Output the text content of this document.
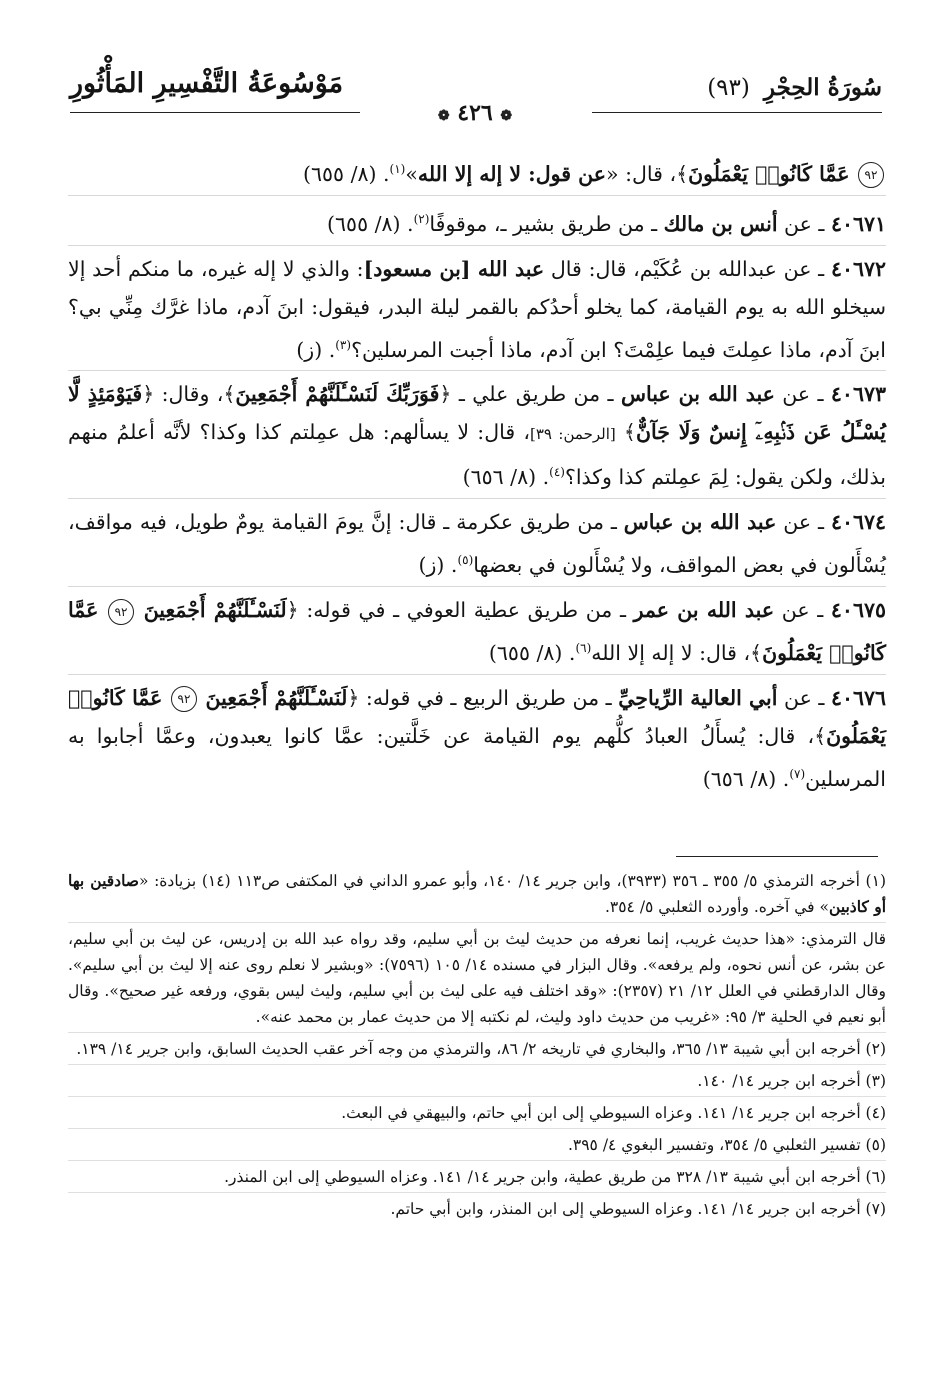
سُورَةُ الحِجْرِ (٩٣)
مَوْسُوعَةُ التَّفْسِيرِ المَأْثُورِ
❁ ٤٢٦ ❁

٩٢ عَمَّا كَانُوا۟ يَعْمَلُونَ﴾، قال: «عن قول: لا إله إلا الله»$^{(١)}$. (٨/ ٦٥٥)

٤٠٦٧١ ـ عن أنس بن مالك ـ من طريق بشير ـ، موقوفًا$^{(٢)}$. (٨/ ٦٥٥)

٤٠٦٧٢ ـ عن عبدالله بن عُكَيْم، قال: قال عبد الله [بن مسعود]: والذي لا إله غيره، ما منكم أحد إلا سيخلو الله به يوم القيامة، كما يخلو أحدُكم بالقمر ليلة البدر، فيقول: ابنَ آدم، ماذا غرَّك مِنِّي بي؟ ابنَ آدم، ماذا عمِلتَ فيما علِمْتَ؟ ابن آدم، ماذا أجبت المرسلين؟$^{(٣)}$. (ز)

٤٠٦٧٣ ـ عن عبد الله بن عباس ـ من طريق علي ـ ﴿فَوَرَبِّكَ لَنَسْـَٔلَنَّهُمْ أَجْمَعِينَ﴾، وقال: ﴿فَيَوْمَئِذٍ لَّا يُسْـَٔلُ عَن ذَنۢبِهِۦٓ إِنسٌ وَلَا جَآنٌّ﴾ [الرحمن: ٣٩]، قال: لا يسألهم: هل عمِلتم كذا وكذا؟ لأنَّه أعلمُ منهم بذلك، ولكن يقول: لِمَ عمِلتم كذا وكذا؟$^{(٤)}$. (٨/ ٦٥٦)

٤٠٦٧٤ ـ عن عبد الله بن عباس ـ من طريق عكرمة ـ قال: إنَّ يومَ القيامة يومٌ طويل، فيه مواقف، يُسْأَلون في بعض المواقف، ولا يُسْأَلون في بعضها$^{(٥)}$. (ز)

٤٠٦٧٥ ـ عن عبد الله بن عمر ـ من طريق عطية العوفي ـ في قوله: ﴿لَنَسْـَٔلَنَّهُمْ أَجْمَعِينَ ٩٢ عَمَّا كَانُوا۟ يَعْمَلُونَ﴾، قال: لا إله إلا الله$^{(٦)}$. (٨/ ٦٥٥)

٤٠٦٧٦ ـ عن أبي العالية الرِّياحِيِّ ـ من طريق الربيع ـ في قوله: ﴿لَنَسْـَٔلَنَّهُمْ أَجْمَعِينَ ٩٢ عَمَّا كَانُوا۟ يَعْمَلُونَ﴾، قال: يُسأَلُ العبادُ كلُّهم يوم القيامة عن خَلَّتين: عمَّا كانوا يعبدون، وعمَّا أجابوا به المرسلين$^{(٧)}$. (٨/ ٦٥٦)

(١) أخرجه الترمذي ٥/ ٣٥٥ ـ ٣٥٦ (٣٩٣٣)، وابن جرير ١٤/ ١٤٠، وأبو عمرو الداني في المكتفى ص١١٣ (١٤) بزيادة: «صادقين بها أو كاذبين» في آخره. وأورده الثعلبي ٥/ ٣٥٤.

قال الترمذي: «هذا حديث غريب، إنما نعرفه من حديث ليث بن أبي سليم، وقد رواه عبد الله بن إدريس، عن ليث بن أبي سليم، عن بشر، عن أنس نحوه، ولم يرفعه». وقال البزار في مسنده ١٤/ ١٠٥ (٧٥٩٦): «وبشير لا نعلم روى عنه إلا ليث بن أبي سليم». وقال الدارقطني في العلل ١٢/ ٢١ (٢٣٥٧): «وقد اختلف فيه على ليث بن أبي سليم، وليث ليس بقوي، ورفعه غير صحيح». وقال أبو نعيم في الحلية ٣/ ٩٥: «غريب من حديث داود وليث، لم نكتبه إلا من حديث عمار بن محمد عنه».

(٢) أخرجه ابن أبي شيبة ١٣/ ٣٦٥، والبخاري في تاريخه ٢/ ٨٦، والترمذي من وجه آخر عقب الحديث السابق، وابن جرير ١٤/ ١٣٩.

(٣) أخرجه ابن جرير ١٤/ ١٤٠.

(٤) أخرجه ابن جرير ١٤/ ١٤١. وعزاه السيوطي إلى ابن أبي حاتم، والبيهقي في البعث.

(٥) تفسير الثعلبي ٥/ ٣٥٤، وتفسير البغوي ٤/ ٣٩٥.

(٦) أخرجه ابن أبي شيبة ١٣/ ٣٢٨ من طريق عطية، وابن جرير ١٤/ ١٤١. وعزاه السيوطي إلى ابن المنذر.

(٧) أخرجه ابن جرير ١٤/ ١٤١. وعزاه السيوطي إلى ابن المنذر، وابن أبي حاتم.
